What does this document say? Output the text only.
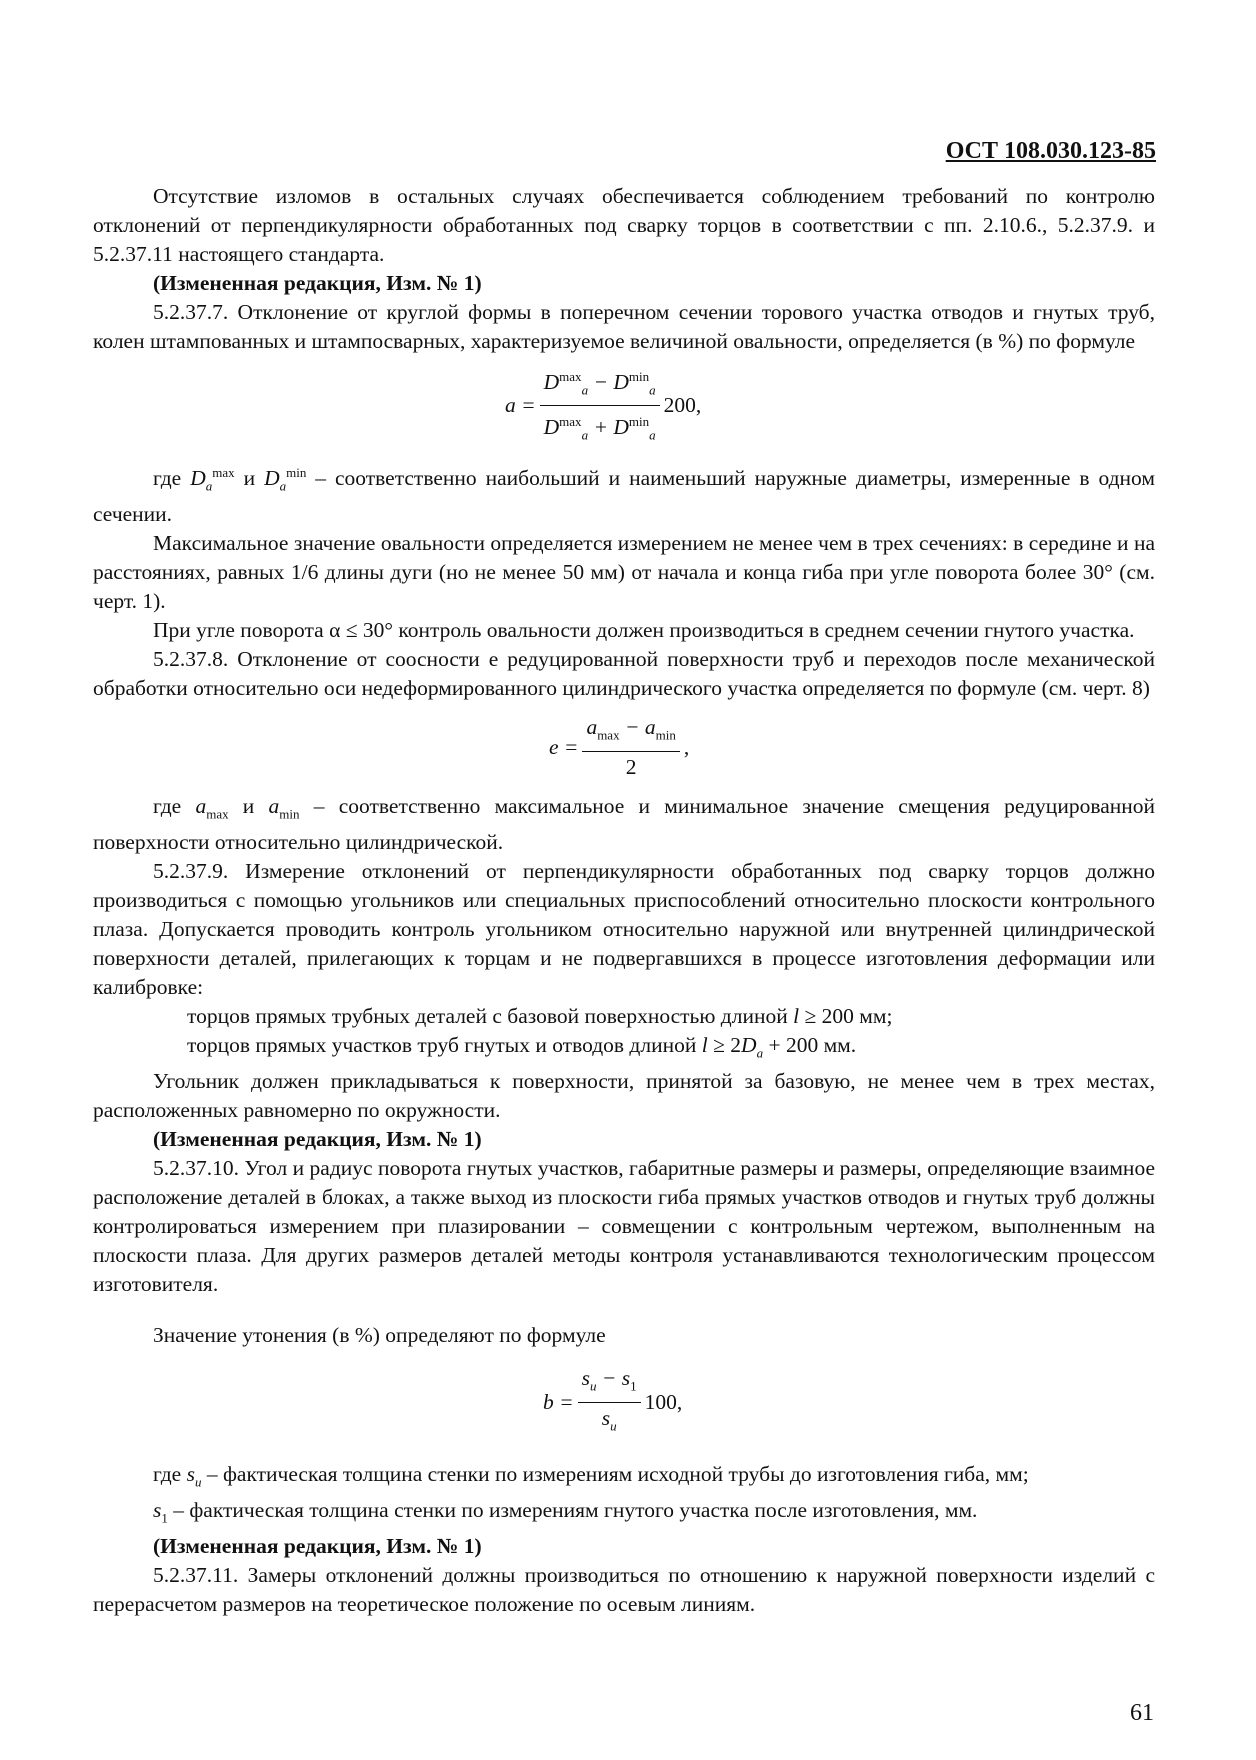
ОСТ 108.030.123-85

Отсутствие изломов в остальных случаях обеспечивается соблюдением требований по контролю отклонений от перпендикулярности обработанных под сварку торцов в соответствии с пп. 2.10.6., 5.2.37.9. и 5.2.37.11 настоящего стандарта.

(Измененная редакция, Изм. № 1)

5.2.37.7. Отклонение от круглой формы в поперечном сечении торового участка отводов и гнутых труб, колен штампованных и штампосварных, характеризуемое величиной овальности, определяется (в %) по формуле

$a = \frac{D^{max}_a - D^{min}_a}{D^{max}_a + D^{min}_a} 200$,

где $D_a^{max}$ и $D_a^{min}$ – соответственно наибольший и наименьший наружные диаметры, измеренные в одном сечении.

Максимальное значение овальности определяется измерением не менее чем в трех сечениях: в середине и на расстояниях, равных 1/6 длины дуги (но не менее 50 мм) от начала и конца гиба при угле поворота более 30° (см. черт. 1).

При угле поворота α ≤ 30° контроль овальности должен производиться в среднем сечении гнутого участка.

5.2.37.8. Отклонение от соосности e редуцированной поверхности труб и переходов после механической обработки относительно оси недеформированного цилиндрического участка определяется по формуле (см. черт. 8)

$e = \frac{a_{max} - a_{min}}{2}$ ,

где $a_{max}$ и $a_{min}$ – соответственно максимальное и минимальное значение смещения редуцированной поверхности относительно цилиндрической.

5.2.37.9. Измерение отклонений от перпендикулярности обработанных под сварку торцов должно производиться с помощью угольников или специальных приспособлений относительно плоскости контрольного плаза. Допускается проводить контроль угольником относительно наружной или внутренней цилиндрической поверхности деталей, прилегающих к торцам и не подвергавшихся в процессе изготовления деформации или калибровке:

торцов прямых трубных деталей с базовой поверхностью длиной l ≥ 200 мм;

торцов прямых участков труб гнутых и отводов длиной $l \ge 2D_a + 200$ мм.

Угольник должен прикладываться к поверхности, принятой за базовую, не менее чем в трех местах, расположенных равномерно по окружности.

(Измененная редакция, Изм. № 1)

5.2.37.10. Угол и радиус поворота гнутых участков, габаритные размеры и размеры, определяющие взаимное расположение деталей в блоках, а также выход из плоскости гиба прямых участков отводов и гнутых труб должны контролироваться измерением при плазировании – совмещении с контрольным чертежом, выполненным на плоскости плаза. Для других размеров деталей методы контроля устанавливаются технологическим процессом изготовителя.

Значение утонения (в %) определяют по формуле

$b = \frac{s_u - s_1}{s_u} 100$,

где $s_u$ – фактическая толщина стенки по измерениям исходной трубы до изготовления гиба, мм;

$s_1$ – фактическая толщина стенки по измерениям гнутого участка после изготовления, мм.

(Измененная редакция, Изм. № 1)

5.2.37.11. Замеры отклонений должны производиться по отношению к наружной поверхности изделий с перерасчетом размеров на теоретическое положение по осевым линиям.

61
